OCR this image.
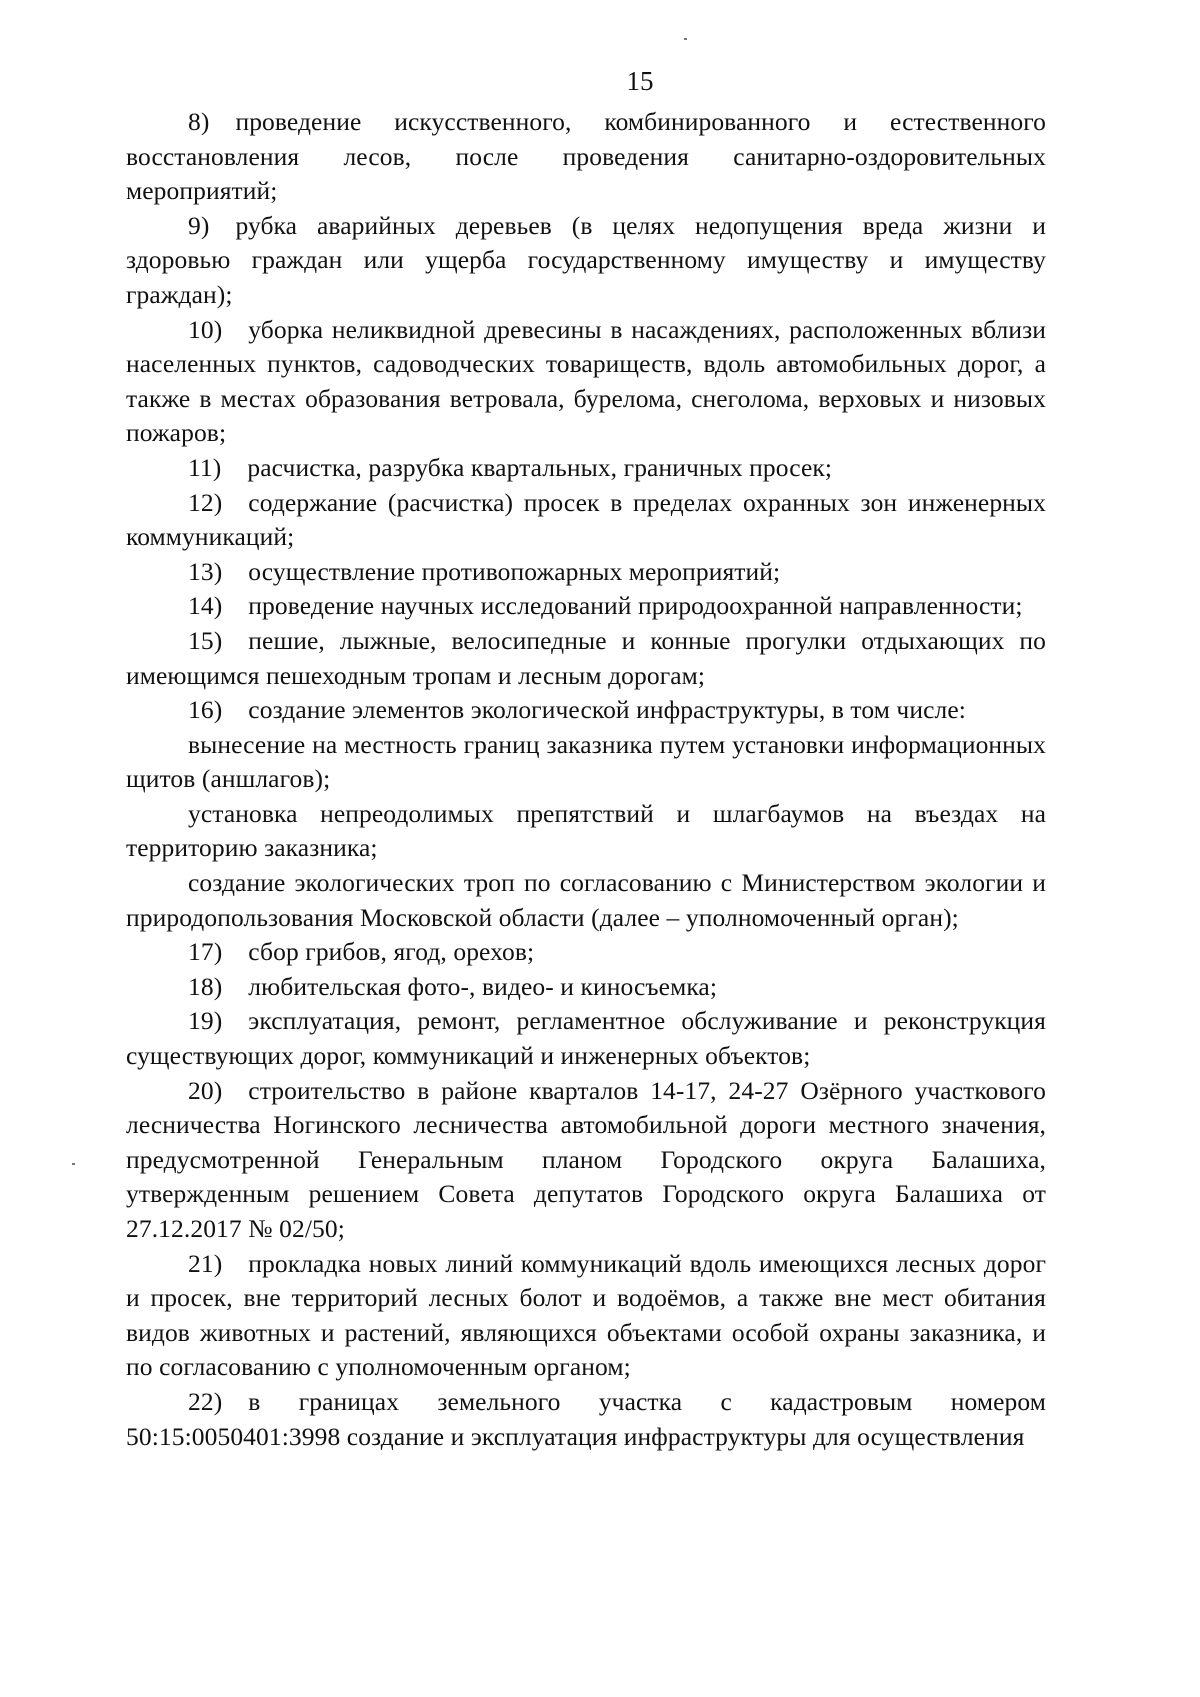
15

8) проведение искусственного, комбинированного и естественного восстановления лесов, после проведения санитарно-оздоровительных мероприятий;

9) рубка аварийных деревьев (в целях недопущения вреда жизни и здоровью граждан или ущерба государственному имуществу и имуществу граждан);

10) уборка неликвидной древесины в насаждениях, расположенных вблизи населенных пунктов, садоводческих товариществ, вдоль автомобильных дорог, а также в местах образования ветровала, бурелома, снеголома, верховых и низовых пожаров;

11) расчистка, разрубка квартальных, граничных просек;

12) содержание (расчистка) просек в пределах охранных зон инженерных коммуникаций;

13) осуществление противопожарных мероприятий;

14) проведение научных исследований природоохранной направленности;

15) пешие, лыжные, велосипедные и конные прогулки отдыхающих по имеющимся пешеходным тропам и лесным дорогам;

16) создание элементов экологической инфраструктуры, в том числе:

вынесение на местность границ заказника путем установки информационных щитов (аншлагов);

установка непреодолимых препятствий и шлагбаумов на въездах на территорию заказника;

создание экологических троп по согласованию с Министерством экологии и природопользования Московской области (далее – уполномоченный орган);

17) сбор грибов, ягод, орехов;

18) любительская фото-, видео- и киносъемка;

19) эксплуатация, ремонт, регламентное обслуживание и реконструкция существующих дорог, коммуникаций и инженерных объектов;

20) строительство в районе кварталов 14-17, 24-27 Озёрного участкового лесничества Ногинского лесничества автомобильной дороги местного значения, предусмотренной Генеральным планом Городского округа Балашиха, утвержденным решением Совета депутатов Городского округа Балашиха от 27.12.2017 № 02/50;

21) прокладка новых линий коммуникаций вдоль имеющихся лесных дорог и просек, вне территорий лесных болот и водоёмов, а также вне мест обитания видов животных и растений, являющихся объектами особой охраны заказника, и по согласованию с уполномоченным органом;

22) в границах земельного участка с кадастровым номером 50:15:0050401:3998 создание и эксплуатация инфраструктуры для осуществления
